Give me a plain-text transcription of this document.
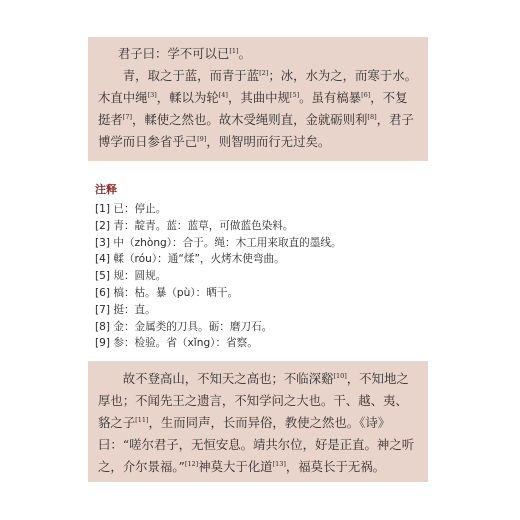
君子曰：学不可以已[1]。

青，取之于蓝，而青于蓝[2]；冰，水为之，而寒于水。木直中绳[3]，輮以为轮[4]，其曲中规[5]。虽有槁暴[6]，不复挺者[7]，輮使之然也。故木受绳则直，金就砺则利[8]，君子博学而日参省乎己[9]，则智明而行无过矣。

注释
[1] 已：停止。
[2] 青：靛青。蓝：蓝草，可做蓝色染料。
[3] 中（zhòng）：合于。绳：木工用来取直的墨线。
[4] 輮（róu）：通“煣”，火烤木使弯曲。
[5] 规：圆规。
[6] 槁：枯。暴（pù）：晒干。
[7] 挺：直。
[8] 金：金属类的刀具。砺：磨刀石。
[9] 参：检验。省（xǐng）：省察。

故不登高山，不知天之高也；不临深谿[10]，不知地之厚也；不闻先王之遗言，不知学问之大也。干、越、夷、貉之子[11]，生而同声，长而异俗，教使之然也。《诗》曰：“嗟尔君子，无恒安息。靖共尔位，好是正直。神之听之，介尔景福。”[12]神莫大于化道[13]，福莫长于无祸。
